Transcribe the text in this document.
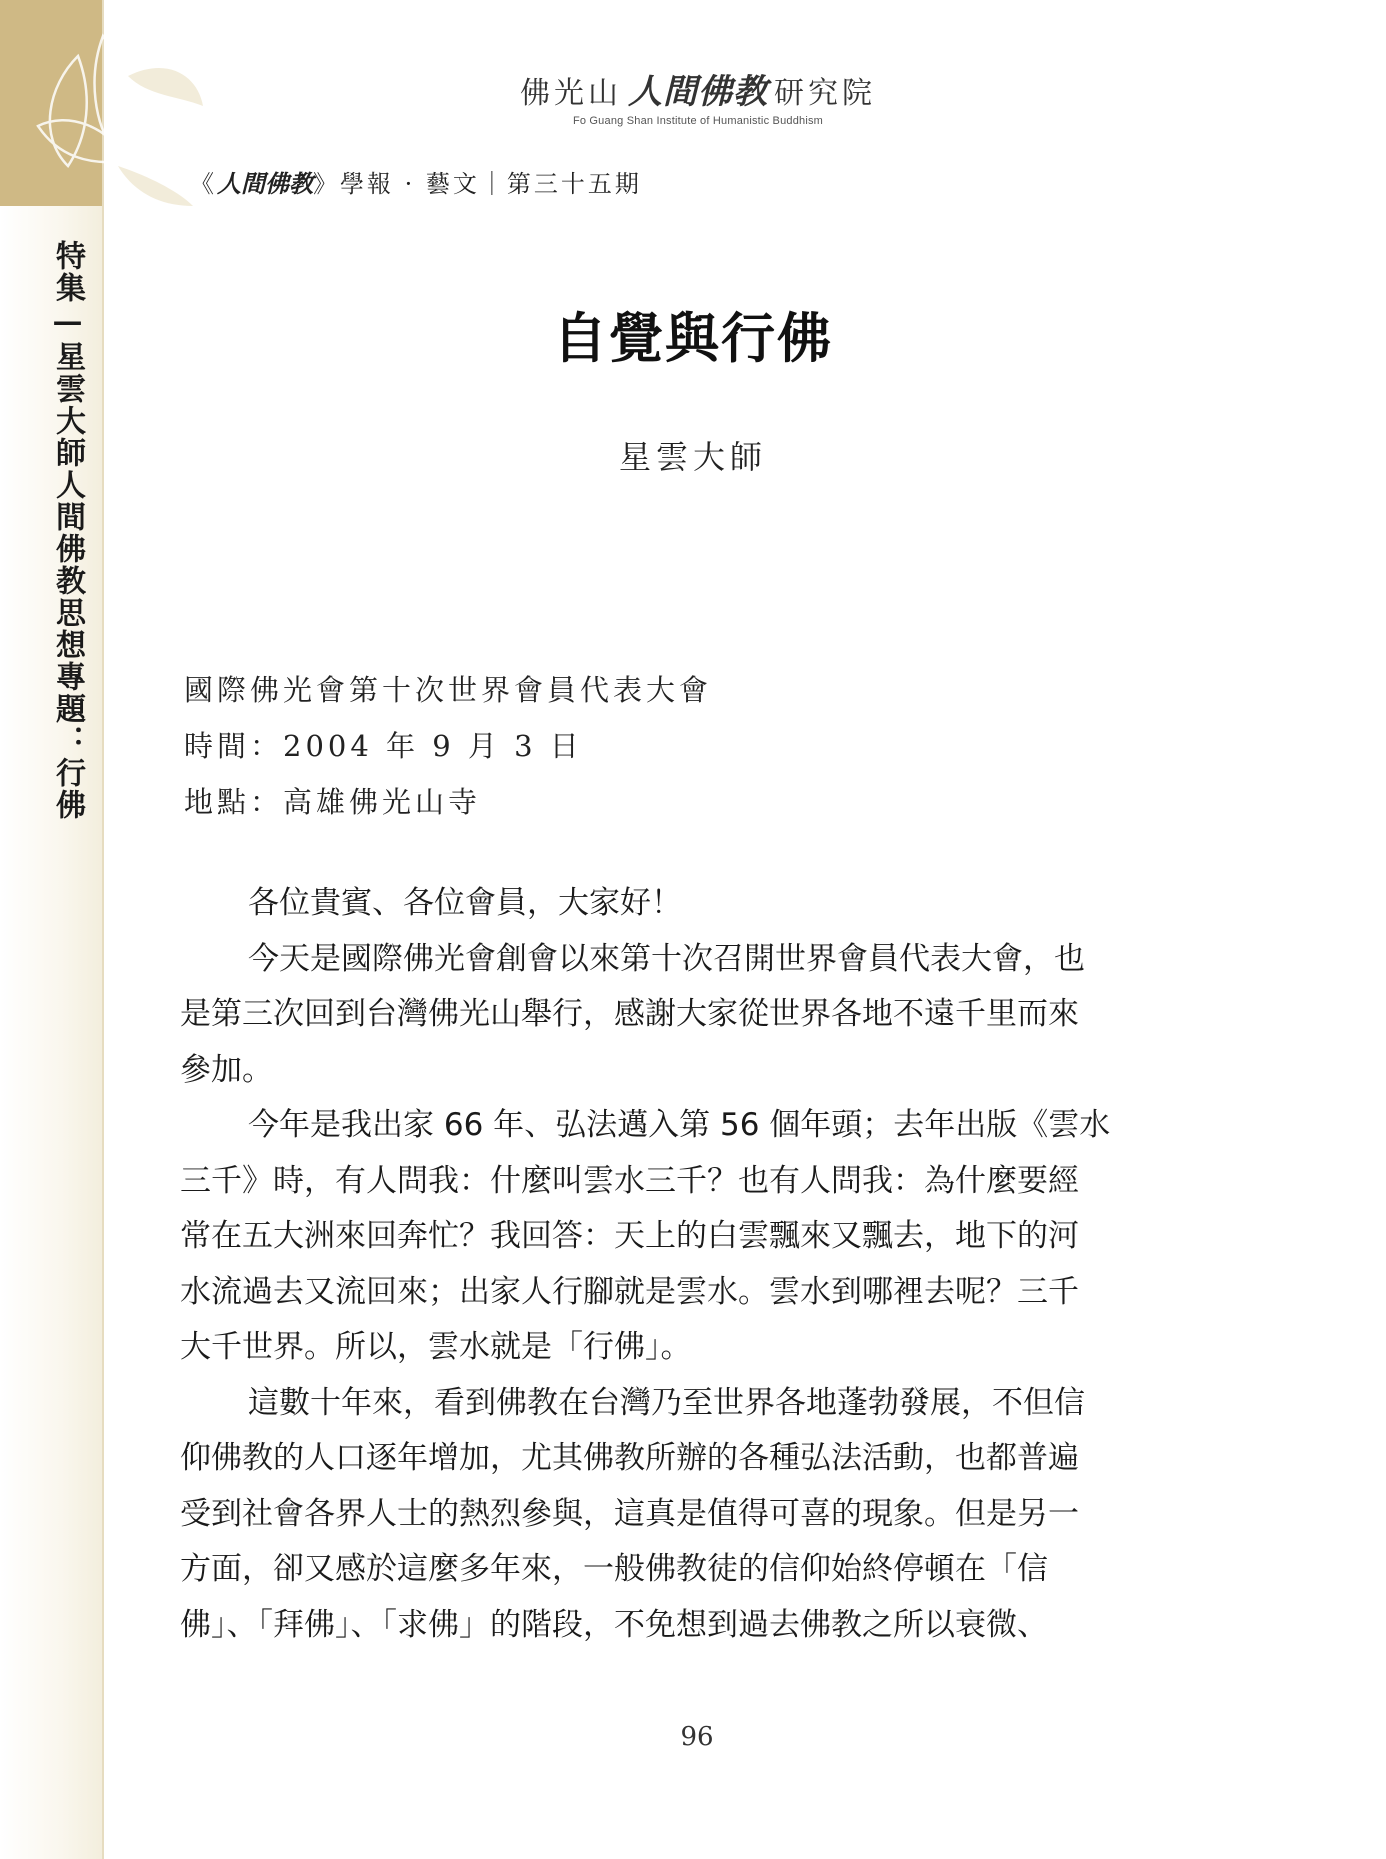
特集—星雲大師人間佛教思想專題：行佛
佛光山 人間佛教 研究院
Fo Guang Shan Institute of Humanistic Buddhism
《人間佛教》學報 · 藝文｜第三十五期
自覺與行佛
星雲大師
國際佛光會第十次世界會員代表大會
時間：2004 年 9 月 3 日
地點：高雄佛光山寺

各位貴賓、各位會員，大家好！

今天是國際佛光會創會以來第十次召開世界會員代表大會，也
是第三次回到台灣佛光山舉行，感謝大家從世界各地不遠千里而來
參加。

今年是我出家 66 年、弘法邁入第 56 個年頭；去年出版《雲水
三千》時，有人問我：什麼叫雲水三千？也有人問我：為什麼要經
常在五大洲來回奔忙？我回答：天上的白雲飄來又飄去，地下的河
水流過去又流回來；出家人行腳就是雲水。雲水到哪裡去呢？三千
大千世界。所以，雲水就是「行佛」。

這數十年來，看到佛教在台灣乃至世界各地蓬勃發展，不但信
仰佛教的人口逐年增加，尤其佛教所辦的各種弘法活動，也都普遍
受到社會各界人士的熱烈參與，這真是值得可喜的現象。但是另一
方面，卻又感於這麼多年來，一般佛教徒的信仰始終停頓在「信
佛」、「拜佛」、「求佛」的階段，不免想到過去佛教之所以衰微、

96
